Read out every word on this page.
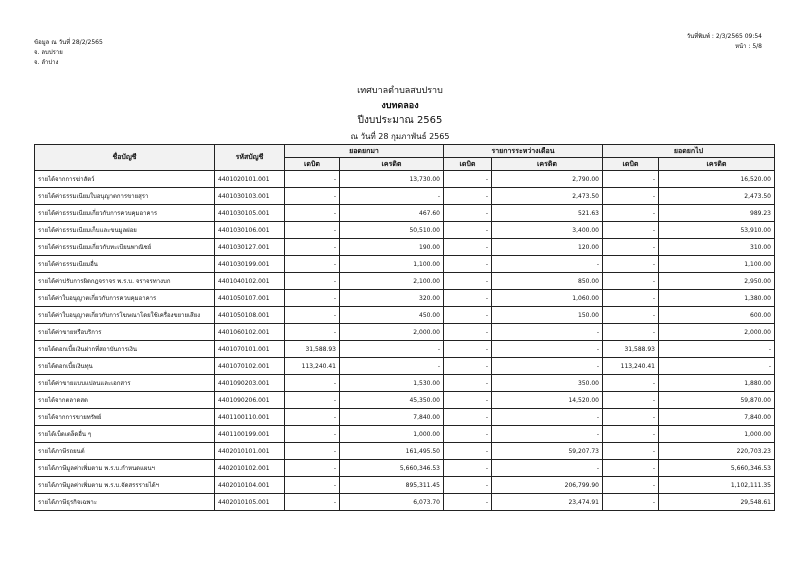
ข้อมูล ณ วันที่ 28/2/2565
จ. ลบปราย
จ. ลำปาง
วันที่พิมพ์ : 2/3/2565 09:54
หน้า : 5/8
เทศบาลตำบลสบปราบ
งบทดลอง
ปีงบประมาณ 2565
ณ วันที่ 28 กุมภาพันธ์ 2565
ชื่อบัญชี	รหัสบัญชี	ยอดยกมา		รายการระหว่างเดือน		ยอดยกไป	
		เดบิต	เครดิต	เดบิต	เครดิต	เดบิต	เครดิต
รายได้จากการฆ่าสัตว์	4401020101.001	-	13,730.00	-	2,790.00	-	16,520.00
รายได้ค่าธรรมเนียมใบอนุญาตการขายสุรา	4401030103.001	-	-	-	2,473.50	-	2,473.50
รายได้ค่าธรรมเนียมเกี่ยวกับการควบคุมอาคาร	4401030105.001	-	467.60	-	521.63	-	989.23
รายได้ค่าธรรมเนียมเก็บและขนมูลฝอย	4401030106.001	-	50,510.00	-	3,400.00	-	53,910.00
รายได้ค่าธรรมเนียมเกี่ยวกับทะเบียนพาณิชย์	4401030127.001	-	190.00	-	120.00	-	310.00
รายได้ค่าธรรมเนียมอื่น	4401030199.001	-	1,100.00	-	-	-	1,100.00
รายได้ค่าปรับการผิดกฎจราจร พ.ร.บ. จราจรทางบก	4401040102.001	-	2,100.00	-	850.00	-	2,950.00
รายได้ค่าใบอนุญาตเกี่ยวกับการควบคุมอาคาร	4401050107.001	-	320.00	-	1,060.00	-	1,380.00
รายได้ค่าใบอนุญาตเกี่ยวกับการโฆษณาโดยใช้เครื่องขยายเสียง	4401050108.001	-	450.00	-	150.00	-	600.00
รายได้ค่าขายหรือบริการ	4401060102.001	-	2,000.00	-	-	-	2,000.00
รายได้ดอกเบี้ยเงินฝากที่สถาบันการเงิน	4401070101.001	31,588.93	-	-	-	31,588.93	-
รายได้ดอกเบี้ยเงินทุน	4401070102.001	113,240.41	-	-	-	113,240.41	-
รายได้ค่าขายแบบแปลนและเอกสาร	4401090203.001	-	1,530.00	-	350.00	-	1,880.00
รายได้จากตลาดสด	4401090206.001	-	45,350.00	-	14,520.00	-	59,870.00
รายได้จากการขายทรัพย์	4401100110.001	-	7,840.00	-	-	-	7,840.00
รายได้เบ็ดเตล็ดอื่น ๆ	4401100199.001	-	1,000.00	-	-	-	1,000.00
รายได้ภาษีรถยนต์	4402010101.001	-	161,495.50	-	59,207.73	-	220,703.23
รายได้ภาษีมูลค่าเพิ่มตาม พ.ร.บ.กำหนดแผนฯ	4402010102.001	-	5,660,346.53	-	-	-	5,660,346.53
รายได้ภาษีมูลค่าเพิ่มตาม พ.ร.บ.จัดสรรรายได้ฯ	4402010104.001	-	895,311.45	-	206,799.90	-	1,102,111.35
รายได้ภาษีธุรกิจเฉพาะ	4402010105.001	-	6,073.70	-	23,474.91	-	29,548.61
